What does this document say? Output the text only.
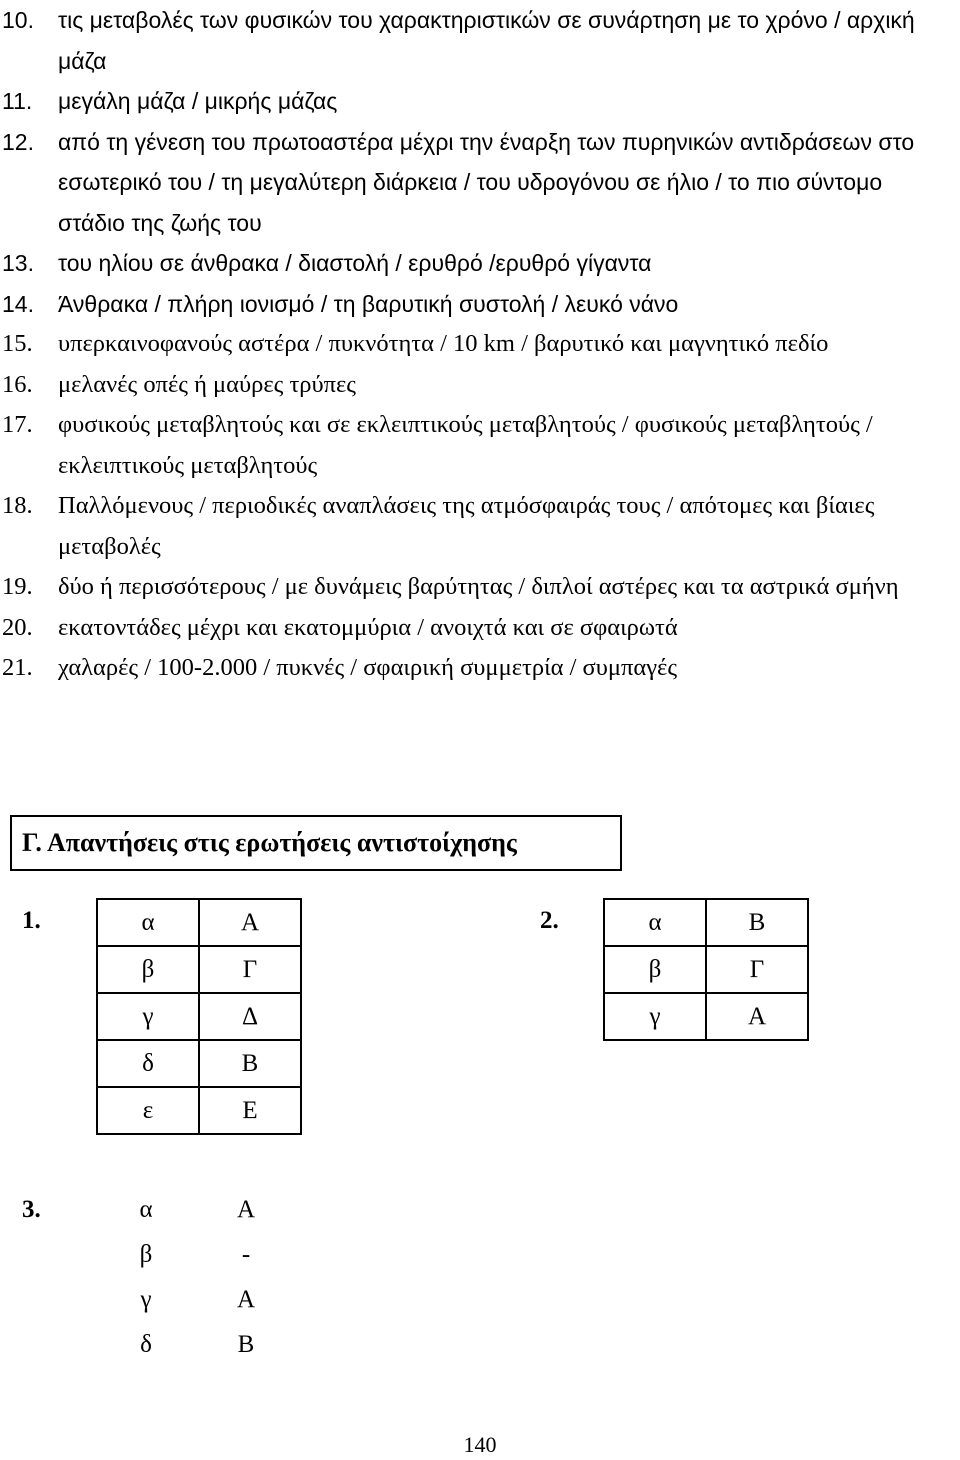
10.	τις μεταβολές των φυσικών του χαρακτηριστικών σε συνάρτηση με το χρόνο / αρχική μάζα
11.	μεγάλη μάζα / μικρής μάζας
12.	από τη γένεση του πρωτοαστέρα μέχρι την έναρξη των πυρηνικών αντιδράσεων στο εσωτερικό του / τη μεγαλύτερη διάρκεια / του υδρογόνου σε ήλιο / το πιο σύντομο στάδιο της ζωής του
13.	του ηλίου σε άνθρακα / διαστολή / ερυθρό /ερυθρό γίγαντα
14.	Άνθρακα / πλήρη ιονισμό / τη βαρυτική συστολή / λευκό νάνο
15.	υπερκαινοφανούς αστέρα / πυκνότητα / 10 km / βαρυτικό και μαγνητικό πεδίο
16.	μελανές οπές ή μαύρες τρύπες
17.	φυσικούς μεταβλητούς και σε εκλειπτικούς μεταβλητούς / φυσικούς μεταβλητούς / εκλειπτικούς μεταβλητούς
18.	Παλλόμενους / περιοδικές αναπλάσεις της ατμόσφαιράς τους / απότομες και βίαιες μεταβολές
19.	δύο ή περισσότερους / με δυνάμεις βαρύτητας / διπλοί αστέρες και τα αστρικά σμήνη
20.	εκατοντάδες μέχρι και εκατομμύρια / ανοιχτά και σε σφαιρωτά
21.	χαλαρές / 100-2.000 / πυκνές / σφαιρική συμμετρία / συμπαγές
Γ. Απαντήσεις στις ερωτήσεις αντιστοίχησης
1.	α	Α
β	Γ
γ	Δ
δ	Β
ε	Ε
2.	α	Β
β	Γ
γ	Α
3.	α	Α
β	-
γ	Α
δ	Β
140
